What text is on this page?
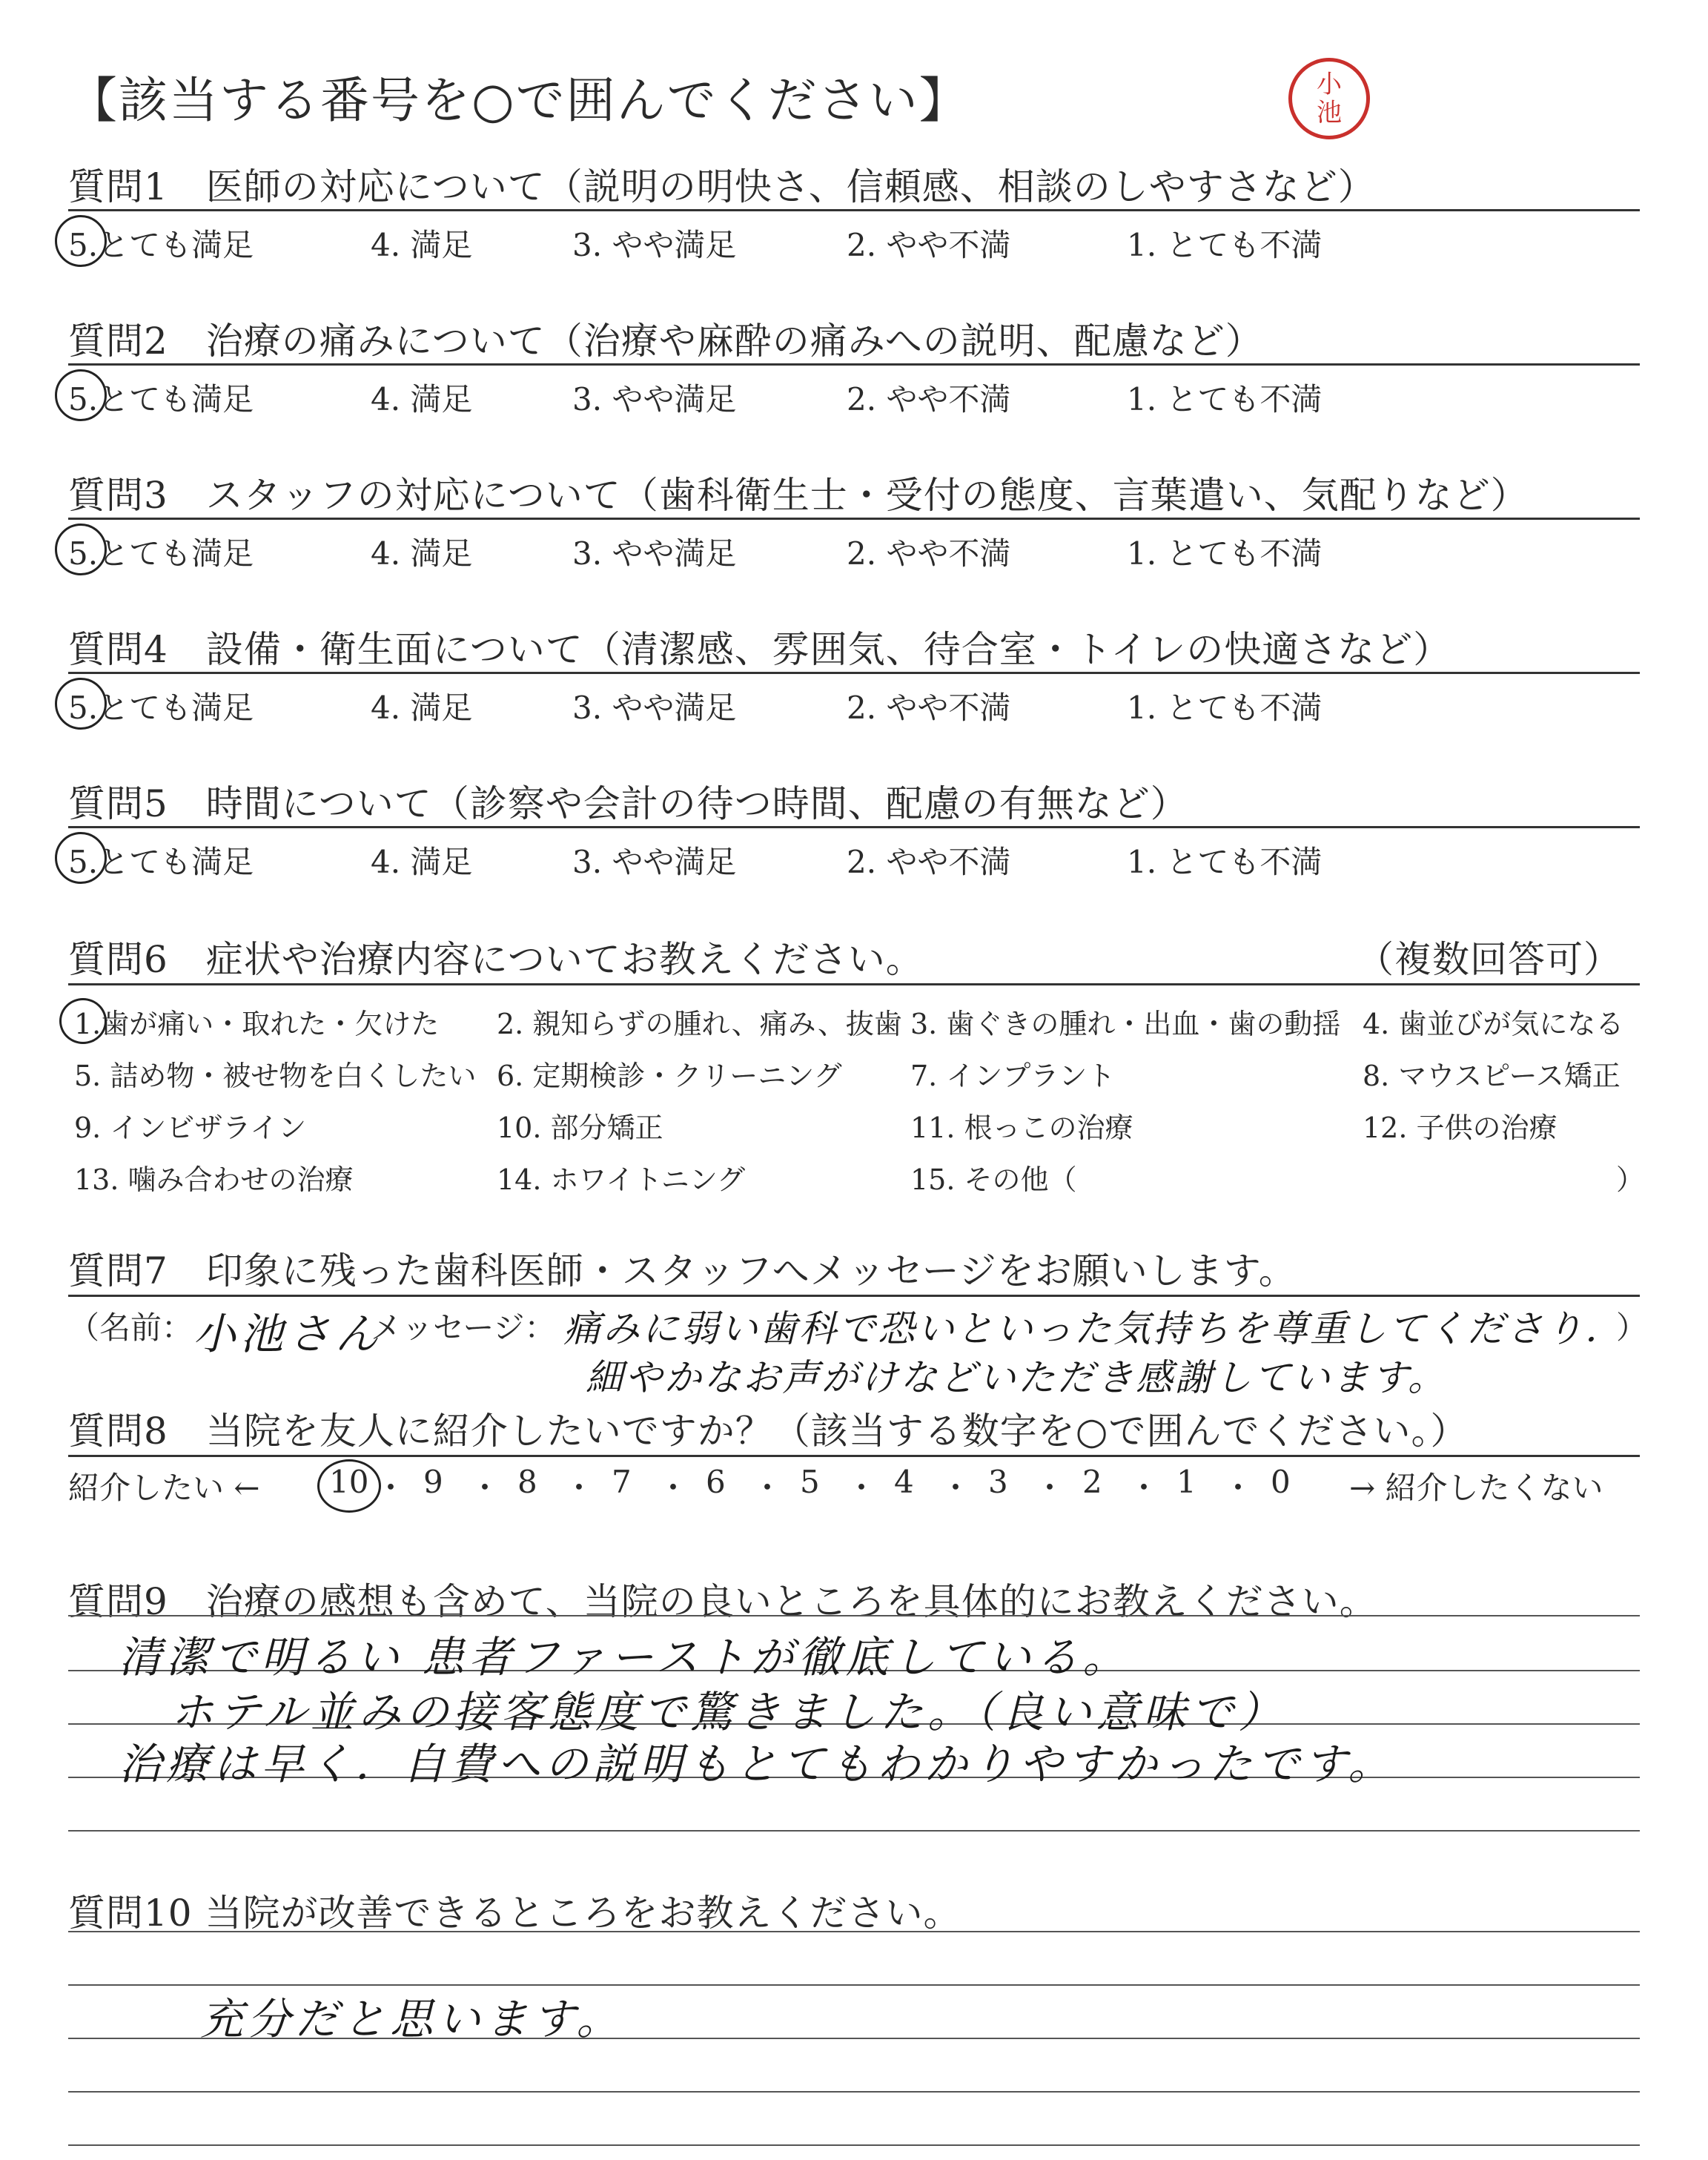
【該当する番号を○で囲んでください】	小
池
質問1　医師の対応について（説明の明快さ、信頼感、相談のしやすさなど）
5.とても満足	4. 満足	3. やや満足	2. やや不満	1. とても不満
質問2　治療の痛みについて（治療や麻酔の痛みへの説明、配慮など）
5.とても満足	4. 満足	3. やや満足	2. やや不満	1. とても不満
質問3　スタッフの対応について（歯科衛生士・受付の態度、言葉遣い、気配りなど）
5.とても満足	4. 満足	3. やや満足	2. やや不満	1. とても不満
質問4　設備・衛生面について（清潔感、雰囲気、待合室・トイレの快適さなど）
5.とても満足	4. 満足	3. やや満足	2. やや不満	1. とても不満
質問5　時間について（診察や会計の待つ時間、配慮の有無など）
5.とても満足	4. 満足	3. やや満足	2. やや不満	1. とても不満
質問6　症状や治療内容についてお教えください。	（複数回答可）
1.歯が痛い・取れた・欠けた 2. 親知らずの腫れ、痛み、抜歯 3. 歯ぐきの腫れ・出血・歯の動揺 4. 歯並びが気になる
5. 詰め物・被せ物を白くしたい 6. 定期検診・クリーニング 7. インプラント	8. マウスピース矯正
9. インビザライン	10. 部分矯正	11. 根っこの治療	12. 子供の治療
13. 噛み合わせの治療	14. ホワイトニング	15. その他（	）
質問7　印象に残った歯科医師・スタッフへメッセージをお願いします。
（名前： 小池さん
メッセージ： 痛みに弱い歯科で恐いといった気持ちを尊重してくださり．
細やかなお声がけなどいただき感謝しています。
）
質問8　当院を友人に紹介したいですか？（該当する数字を○で囲んでください。）
紹介したい ←	→ 紹介したくない
10 ・ 9 ・ 8 ・ 7 ・ 6 ・ 5 ・ 4 ・ 3 ・ 2 ・ 1 ・ 0
質問9　治療の感想も含めて、当院の良いところを具体的にお教えください。
清潔で明るい 患者ファーストが徹底している。
ホテル並みの接客態度で驚きました。（良い意味で）
治療は早く．自費への説明もとてもわかりやすかったです。
質問10 当院が改善できるところをお教えください。
充分だと思います。
